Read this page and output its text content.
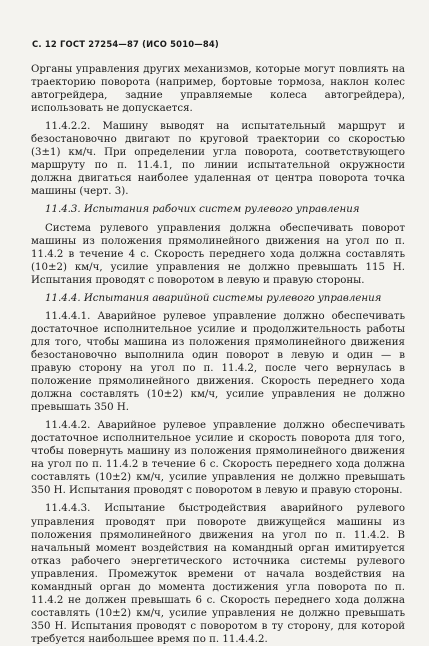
С. 12 ГОСТ 27254—87 (ИСО 5010—84)

Органы управления других механизмов, которые могут повлиять на траекторию поворота (например, бортовые тормоза, наклон колес автогрейдера, задние управляемые колеса автогрейдера), использовать не допускается.

11.4.2.2. Машину выводят на испытательный маршрут и безостановочно двигают по круговой траектории со скоростью (3±1) км/ч. При определении угла поворота, соответствующего маршруту по п. 11.4.1, по линии испытательной окружности должна двигаться наиболее удаленная от центра поворота точка машины (черт. 3).

11.4.3. Испытания рабочих систем рулевого управления

Система рулевого управления должна обеспечивать поворот машины из положения прямолинейного движения на угол по п. 11.4.2 в течение 4 с. Скорость переднего хода должна составлять (10±2) км/ч, усилие управления не должно превышать 115 Н. Испытания проводят с поворотом в левую и правую стороны.

11.4.4. Испытания аварийной системы рулевого управления

11.4.4.1. Аварийное рулевое управление должно обеспечивать достаточное исполнительное усилие и продолжительность работы для того, чтобы машина из положения прямолинейного движения безостановочно выполнила один поворот в левую и один — в правую сторону на угол по п. 11.4.2, после чего вернулась в положение прямолинейного движения. Скорость переднего хода должна составлять (10±2) км/ч, усилие управления не должно превышать 350 Н.

11.4.4.2. Аварийное рулевое управление должно обеспечивать достаточное исполнительное усилие и скорость поворота для того, чтобы повернуть машину из положения прямолинейного движения на угол по п. 11.4.2 в течение 6 с. Скорость переднего хода должна составлять (10±2) км/ч, усилие управления не должно превышать 350 Н. Испытания проводят с поворотом в левую и правую стороны.

11.4.4.3. Испытание быстродействия аварийного рулевого управления проводят при повороте движущейся машины из положения прямолинейного движения на угол по п. 11.4.2. В начальный момент воздействия на командный орган имитируется отказ рабочего энергетического источника системы рулевого управления. Промежуток времени от начала воздействия на командный орган до момента достижения угла поворота по п. 11.4.2 не должен превышать 6 с. Скорость переднего хода должна составлять (10±2) км/ч, усилие управления не должно превышать 350 Н. Испытания проводят с поворотом в ту сторону, для которой требуется наибольшее время по п. 11.4.4.2.
